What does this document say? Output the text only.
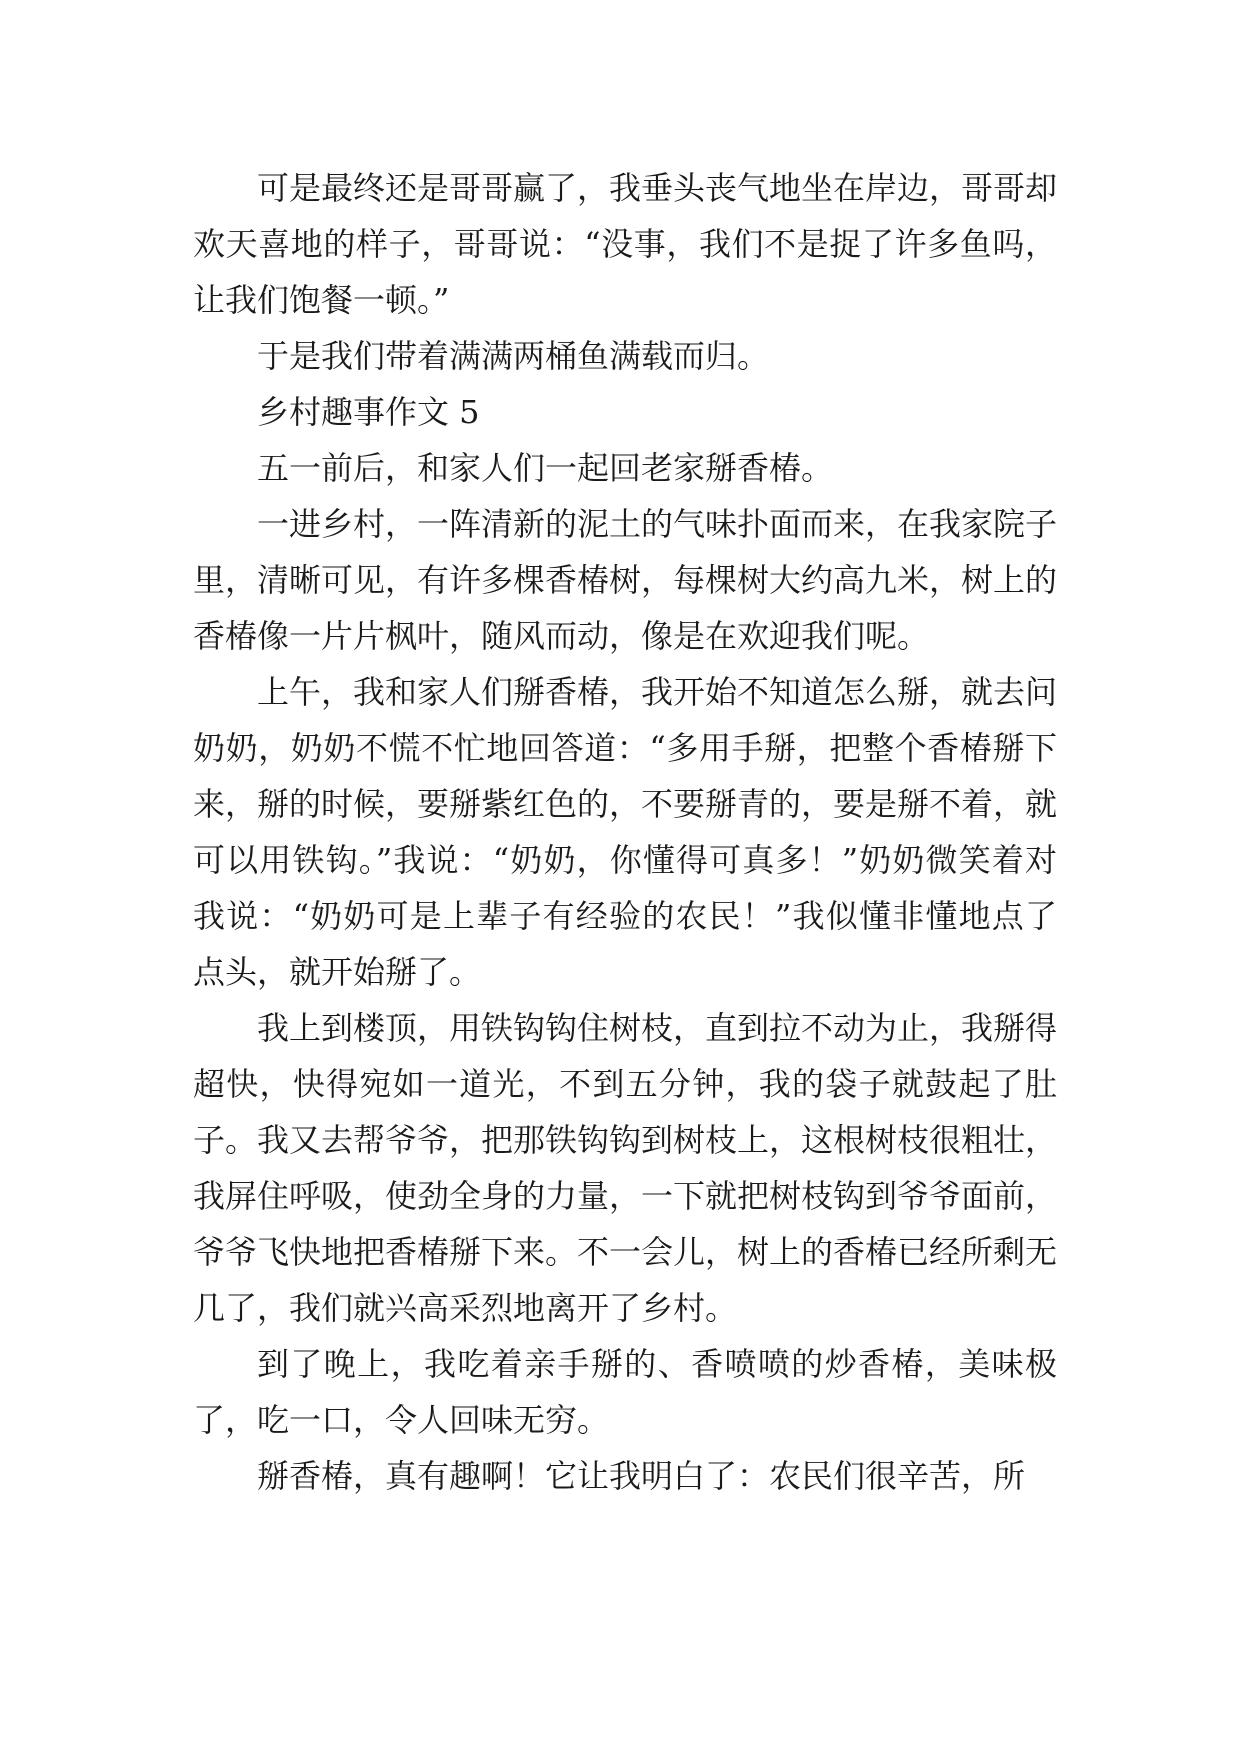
可是最终还是哥哥赢了，我垂头丧气地坐在岸边，哥哥却欢天喜地的样子，哥哥说：“没事，我们不是捉了许多鱼吗，让我们饱餐一顿。”

于是我们带着满满两桶鱼满载而归。

乡村趣事作文 5

五一前后，和家人们一起回老家掰香椿。

一进乡村，一阵清新的泥土的气味扑面而来，在我家院子里，清晰可见，有许多棵香椿树，每棵树大约高九米，树上的香椿像一片片枫叶，随风而动，像是在欢迎我们呢。

上午，我和家人们掰香椿，我开始不知道怎么掰，就去问奶奶，奶奶不慌不忙地回答道：“多用手掰，把整个香椿掰下来，掰的时候，要掰紫红色的，不要掰青的，要是掰不着，就可以用铁钩。”我说：“奶奶，你懂得可真多！”奶奶微笑着对我说：“奶奶可是上辈子有经验的农民！”我似懂非懂地点了点头，就开始掰了。

我上到楼顶，用铁钩钩住树枝，直到拉不动为止，我掰得超快，快得宛如一道光，不到五分钟，我的袋子就鼓起了肚子。我又去帮爷爷，把那铁钩钩到树枝上，这根树枝很粗壮，我屏住呼吸，使劲全身的力量，一下就把树枝钩到爷爷面前，爷爷飞快地把香椿掰下来。不一会儿，树上的香椿已经所剩无几了，我们就兴高采烈地离开了乡村。

到了晚上，我吃着亲手掰的、香喷喷的炒香椿，美味极了，吃一口，令人回味无穷。

掰香椿，真有趣啊！它让我明白了：农民们很辛苦，所
